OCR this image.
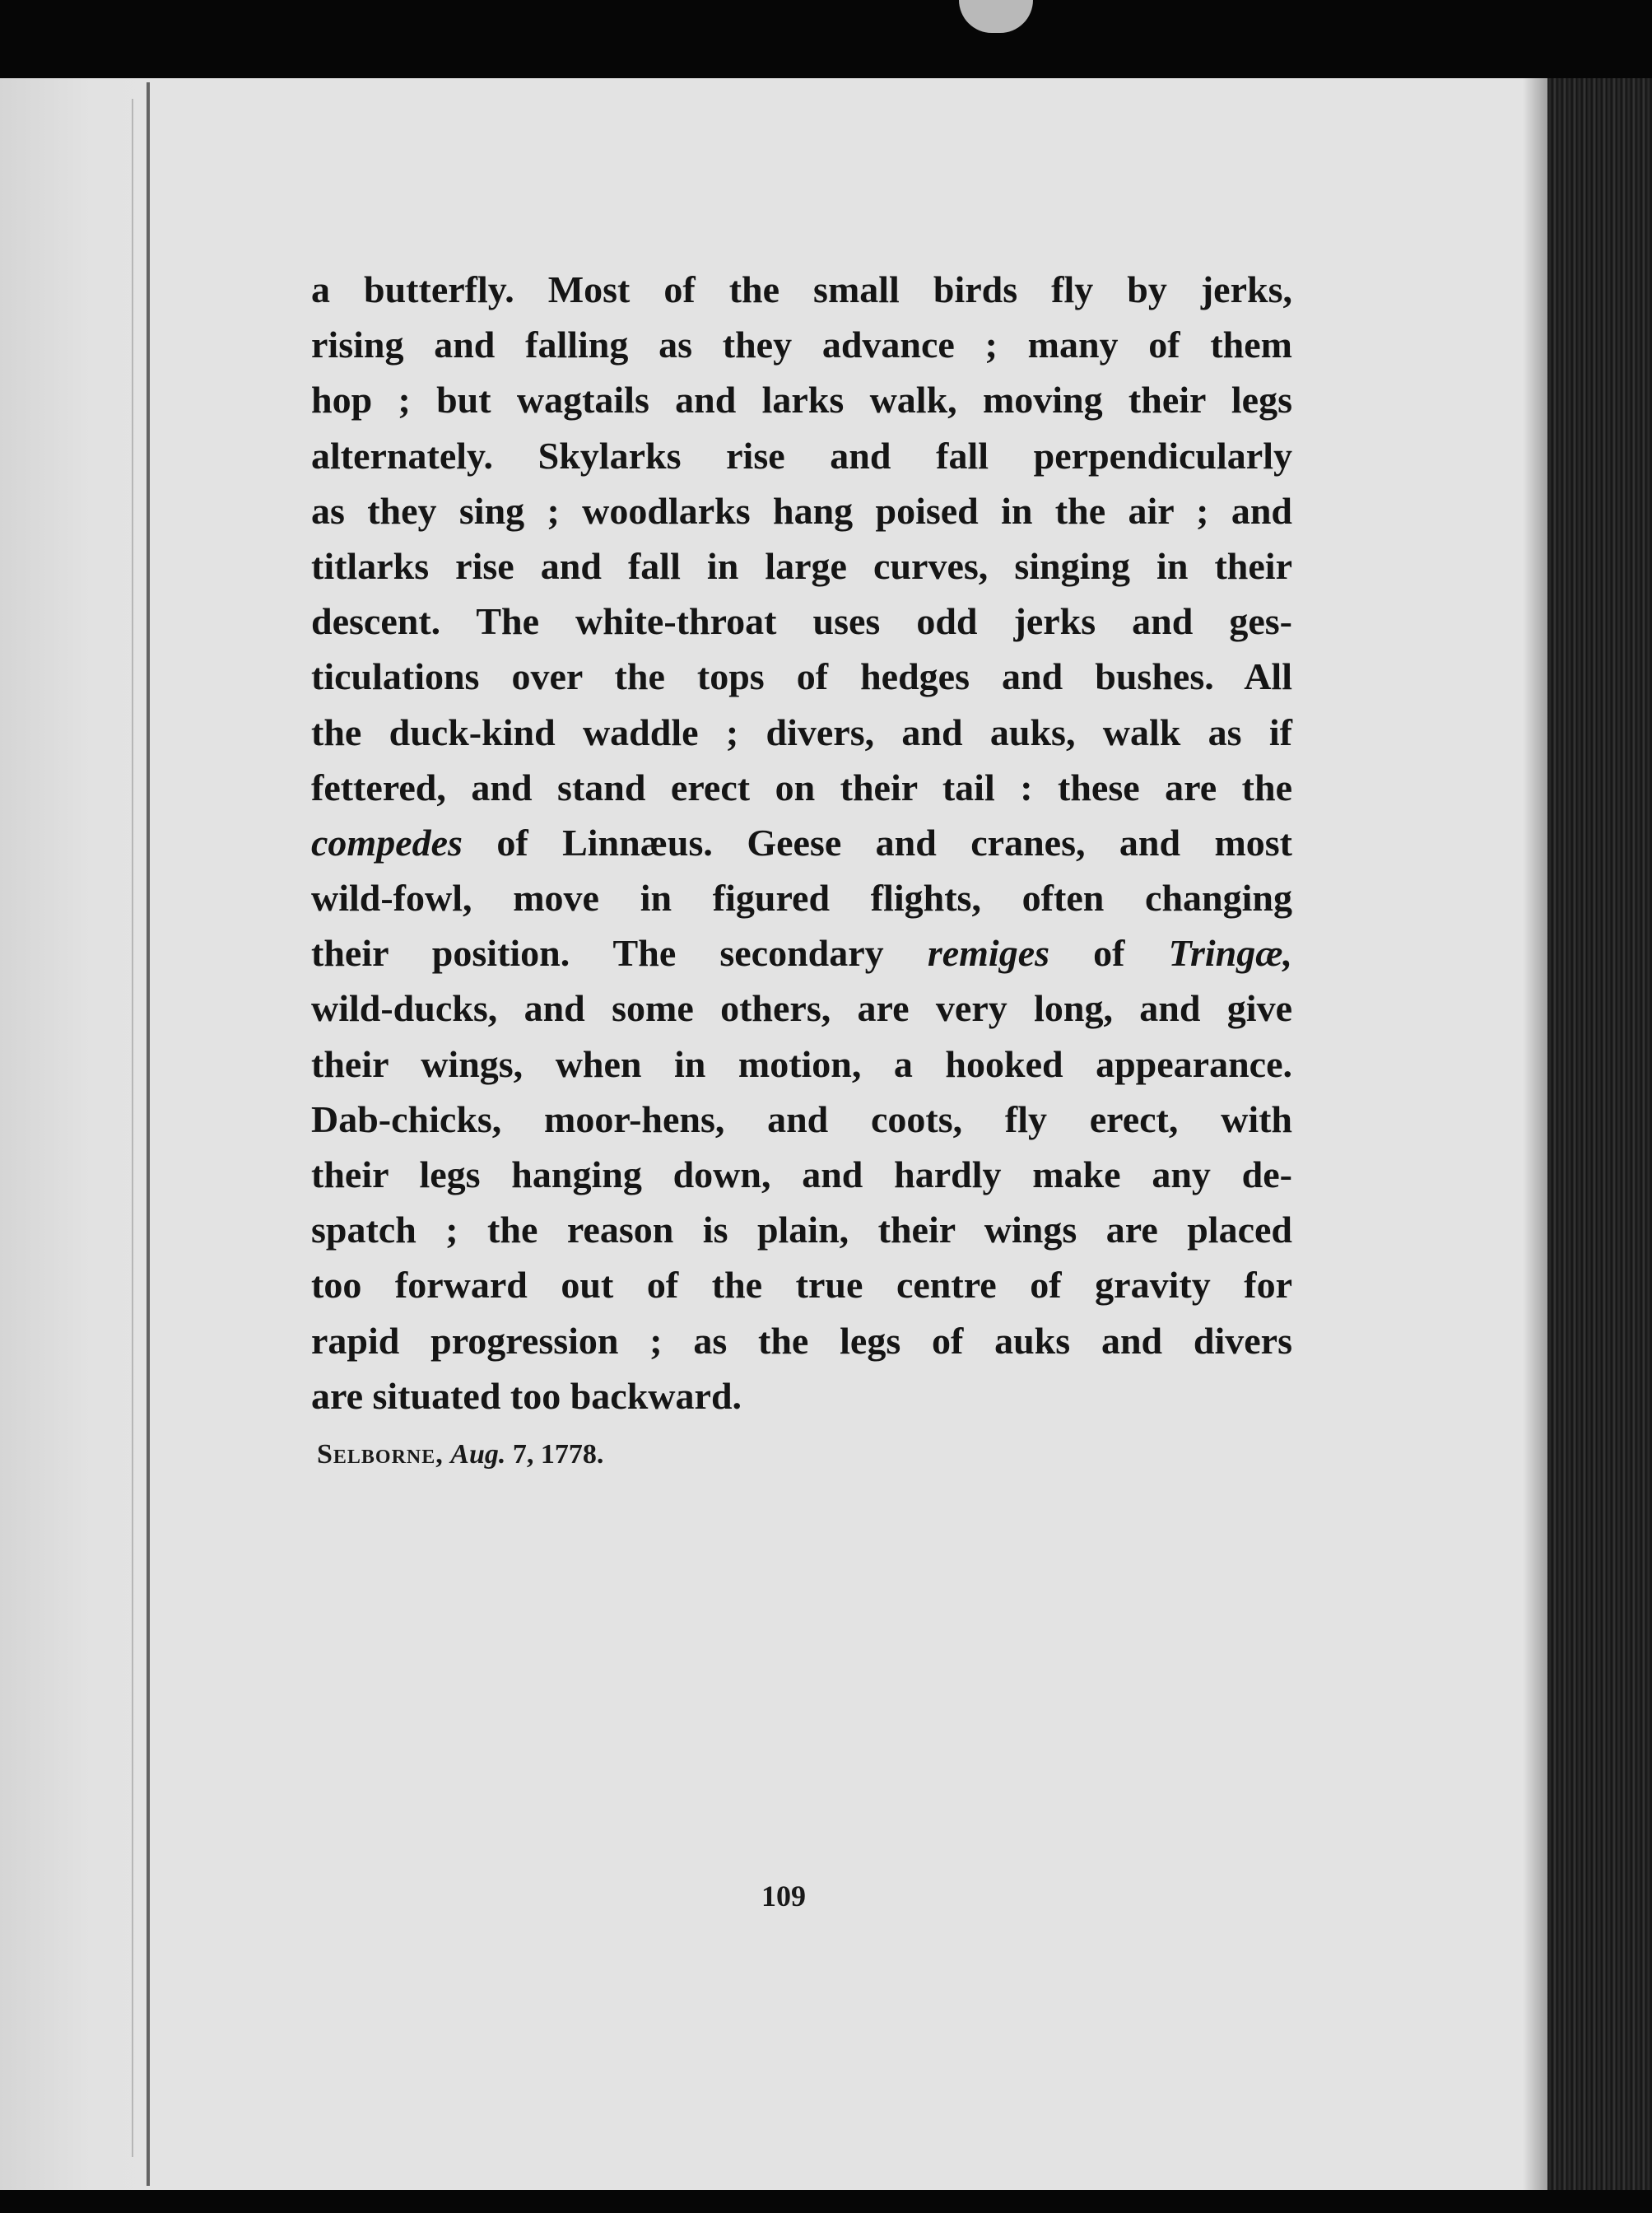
a butterfly. Most of the small birds fly by jerks,
rising and falling as they advance ; many of them
hop ; but wagtails and larks walk, moving their legs
alternately. Skylarks rise and fall perpendicularly
as they sing ; woodlarks hang poised in the air ; and
titlarks rise and fall in large curves, singing in their
descent. The white-throat uses odd jerks and ges-
ticulations over the tops of hedges and bushes. All
the duck-kind waddle ; divers, and auks, walk as if
fettered, and stand erect on their tail : these are the
compedes of Linnæus. Geese and cranes, and most
wild-fowl, move in figured flights, often changing
their position. The secondary remiges of Tringæ,
wild-ducks, and some others, are very long, and give
their wings, when in motion, a hooked appearance.
Dab-chicks, moor-hens, and coots, fly erect, with
their legs hanging down, and hardly make any de-
spatch ; the reason is plain, their wings are placed
too forward out of the true centre of gravity for
rapid progression ; as the legs of auks and divers
are situated too backward.
Selborne, Aug. 7, 1778.
109
